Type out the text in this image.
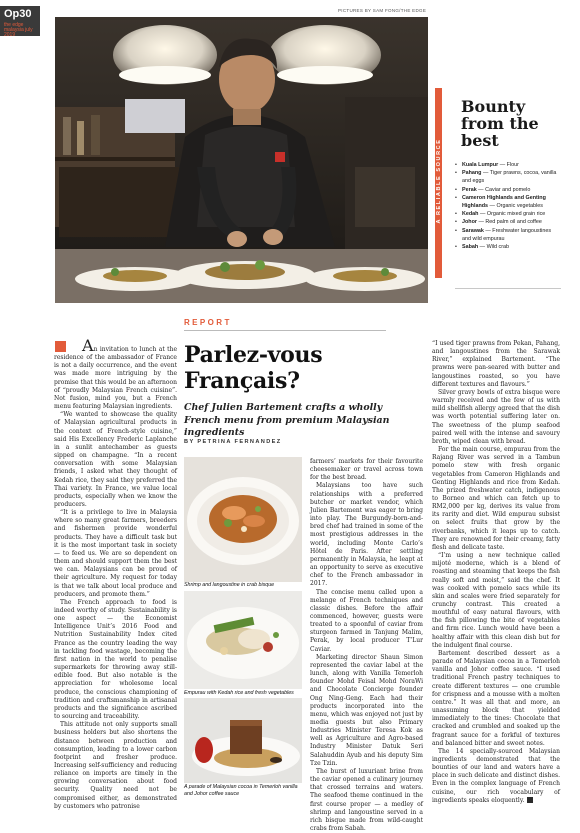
Op30
the edge malaysia july 2019
PICTURES BY SAM FONG/THE EDGE
A RELIABLE SOURCE
Bounty from the best
• Kuala Lumpur — Flour
• Pahang — Tiger prawns, cocoa, vanilla and eggs
• Perak — Caviar and pomelo
• Cameron Highlands and Genting Highlands — Organic vegetables
• Kedah — Organic mixed grain rice
• Johor — Red palm oil and coffee
• Sarawak — Freshwater langoustines and wild empurau
• Sabah — Wild crab
REPORT
Parlez-vous Français?
Chef Julien Bartement crafts a wholly French menu from premium Malaysian ingredients
BY PETRINA FERNANDEZ

An invitation to lunch at the residence of the ambassador of France is not a daily occurrence, and the event was made more intriguing by the promise that this would be an afternoon of “proudly Malaysian French cuisine”. Not fusion, mind you, but a French menu featuring Malaysian ingredients.

“We wanted to showcase the quality of Malaysian agricultural products in the context of French-style cuisine,” said His Excellency Frederic Laplanche in a sunlit antechamber as guests sipped on champagne. “In a recent conversation with some Malaysian friends, I asked what they thought of Kedah rice, they said they preferred the Thai variety. In France, we value local products, especially when we know the producers.

“It is a privilege to live in Malaysia where so many great farmers, breeders and fishermen provide wonderful products. They have a difficult task but it is the most important task in society — to feed us. We are so dependent on them and should support them the best we can. Malaysians can be proud of their agriculture. My request for today is that we talk about local produce and producers, and promote them.”

The French approach to food is indeed worthy of study. Sustainability is one aspect — the Economist Intelligence Unit’s 2016 Food and Nutrition Sustainability Index cited France as the country leading the way in tackling food wastage, becoming the first nation in the world to penalise supermarkets for throwing away still-edible food. But also notable is the appreciation for wholesome local produce, the conscious championing of tradition and craftsmanship in artisanal products and the significance ascribed to sourcing and traceability.

This attitude not only supports small business holders but also shortens the distance between production and consumption, leading to a lower carbon footprint and fresher produce. Increasing self-sufficiency and reducing reliance on imports are timely in the growing conversation about food security. Quality need not be compromised either, as demonstrated by customers who patronise

Shrimp and langoustine in crab bisque
Empurau with Kedah rice and fresh vegetables
A parade of Malaysian cocoa in Temerloh vanilla and Johor coffee sauce

farmers’ markets for their favourite cheesemaker or travel across town for the best bread.

Malaysians too have such relationships with a preferred butcher or market vendor, which Julien Bartement was eager to bring into play. The Burgundy-born-and-bred chef had trained in some of the most prestigious addresses in the world, including Monte Carlo’s Hôtel de Paris. After settling permanently in Malaysia, he leapt at an opportunity to serve as executive chef to the French ambassador in 2017.

The concise menu called upon a melange of French techniques and classic dishes. Before the affair commenced, however, guests were treated to a spoonful of caviar from sturgeon farmed in Tanjung Malim, Perak, by local producer T’Lur Caviar.

Marketing director Shaun Simon represented the caviar label at the lunch, along with Vanilla Temerloh founder Mohd Feisal Mohd NoraWi and Chocolate Concierge founder Ong Ning-Geng. Each had their products incorporated into the menu, which was enjoyed not just by media guests but also Primary Industries Minister Teresa Kok as well as Agriculture and Agro-based Industry Minister Datuk Seri Salahuddin Ayub and his deputy Sim Tze Tzin.

The burst of luxuriant brine from the caviar opened a culinary journey that crossed terrains and waters. The seafood theme continued in the first course proper — a medley of shrimp and langoustine served in a rich bisque made from wild-caught crabs from Sabah.

“I used tiger prawns from Pekan, Pahang, and langoustines from the Sarawak River,” explained Bartement. “The prawns were pan-seared with butter and langoustines roasted, so you have different textures and flavours.”

Silver gravy bowls of extra bisque were warmly received and the few of us with mild shellfish allergy agreed that the dish was worth potential suffering later on. The sweetness of the plump seafood paired well with the intense and savoury broth, wiped clean with bread.

For the main course, empurau from the Rajang River was served in a Tambun pomelo stew with fresh organic vegetables from Cameron Highlands and Genting Highlands and rice from Kedah. The prized freshwater catch, indigenous to Borneo and which can fetch up to RM2,000 per kg, derives its value from its rarity and diet. Wild empurau subsist on select fruits that grow by the riverbanks, which it leaps up to catch. They are renowned for their creamy, fatty flesh and delicate taste.

“I’m using a new technique called mijoté moderne, which is a blend of roasting and steaming that keeps the fish really soft and moist,” said the chef. It was cooked with pomelo sacs while its skin and scales were fried separately for crunchy contrast. This created a mouthful of easy natural flavours, with the fish pillowing the bite of vegetables and firm rice. Lunch would have been a healthy affair with this clean dish but for the indulgent final course.

Bartement described dessert as a parade of Malaysian cocoa in a Temerloh vanilla and Johor coffee sauce. “I used traditional French pastry techniques to create different textures — one crumble for crispness and a mousse with a molten centre.” It was all that and more, an unassuming block that yielded immediately to the tines: Chocolate that cracked and crumbled and soaked up the fragrant sauce for a forkful of textures and balanced bitter and sweet notes.

The 14 specially-sourced Malaysian ingredients demonstrated that the bounties of our land and waters have a place in such delicate and distinct dishes. Even in the complex language of French cuisine, our rich vocabulary of ingredients speaks eloquently. E
